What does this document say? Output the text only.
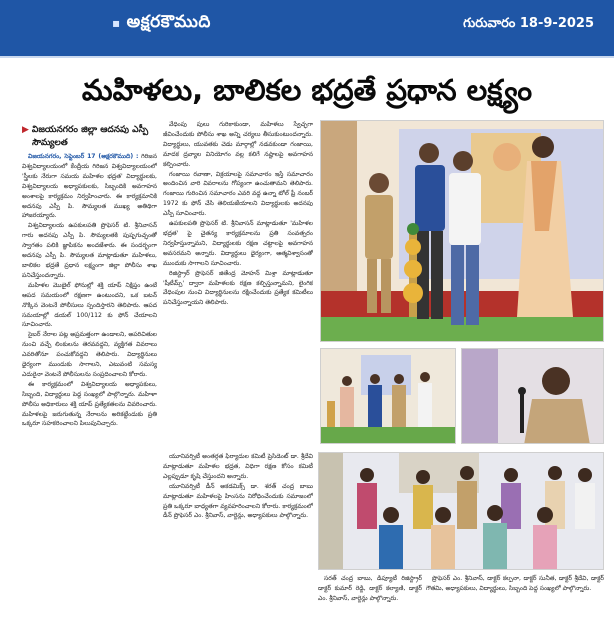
▪ అక్షరకౌముది	గురువారం 18-9-2025
మహిళలు, బాలికల భద్రతే ప్రధాన లక్ష్యం
▶ విజయనగరం జిల్లా ఆదనపు ఎస్పీ
సౌమ్యలత

విజయనగరం, సెప్టెంబర్ 17 (అక్షరకౌముది) : గిరిజన విశ్వవిద్యాలయంలో కేంద్రీయ గిరిజన విశ్వవిద్యాలయంలో 'స్త్రీలకు నేరుగా సమయ మహిళల భద్రత' విద్యార్థులకు, విశ్వవిద్యాలయ అధ్యాపకులకు, సిబ్బందికి అవగాహన అంశాలపై కార్యక్రమం నిర్వహించారు. ఈ కార్యక్రమానికి అదనపు ఎస్పీ పి. సౌమ్యలత ముఖ్య అతిథిగా హాజరయ్యారు.

విశ్వవిద్యాలయ ఉపకులపతి ప్రొఫెసర్ టి. శ్రీనివాసన్ గారు అదనపు ఎస్పీ పి. సౌమ్యలతకి పుష్పగుచ్ఛంతో స్వాగతం పలికి జ్ఞాపికను అందజేశారు. ఈ సందర్భంగా అదనపు ఎస్పీ పి. సౌమ్యలత మాట్లాడుతూ మహిళలు, బాలికల భద్రతే ప్రధాన లక్ష్యంగా జిల్లా పోలీసు శాఖ పనిచేస్తుందన్నారు.

మహిళల మొబైల్ ఫోనుల్లో శక్తి యాప్ నిక్షిప్తం ఉంటే ఆపద సమయంలో రక్షణగా ఉంటుందని, ఒక బటన్ నొక్కిన వెంటనే పోలీసులు స్పందిస్తారని తెలిపారు. ఆపద సమయాల్లో డయల్ 100/112 కు ఫోన్ చేయాలని సూచించారు.

సైబర్ నేరాల పట్ల అప్రమత్తంగా ఉండాలని, అపరిచితుల నుంచి వచ్చే లింకులను తెరవవద్దని, వ్యక్తిగత వివరాలు ఎవరితోనూ పంచుకోవద్దని తెలిపారు. విద్యార్థినులు ధైర్యంగా ముందుకు సాగాలని, ఎటువంటి సమస్య ఎదురైనా వెంటనే పోలీసులను సంప్రదించాలని కోరారు.

ఈ కార్యక్రమంలో విశ్వవిద్యాలయ అధ్యాపకులు, సిబ్బంది, విద్యార్థులు పెద్ద సంఖ్యలో పాల్గొన్నారు. మహిళా పోలీసు అధికారులు శక్తి యాప్ ప్రత్యేకతలను వివరించారు. మహిళలపై జరుగుతున్న నేరాలను అరికట్టేందుకు ప్రతి ఒక్కరూ సహకరించాలని పిలుపునిచ్చారు.

వేధింపు పులు గురికాకుండా, మహిళలు స్వేచ్ఛగా జీవించేందుకు పోలీసు శాఖ అన్ని చర్యలు తీసుకుంటుందన్నారు. విద్యార్థులు, యువతకు చెడు మార్గాల్లో నడవకుండా గంజాయి, మాదక ద్రవ్యాల వినియోగం వల్ల కలిగే నష్టాలపై అవగాహన కల్పించారు.

గంజాయి రవాణా, విక్రయాలపై సమాచారం ఇస్తే సమాచారం అందించిన వారి వివరాలను గోప్యంగా ఉంచుతామని తెలిపారు. గంజాయి గురించిన సమాచారం ఎవరి వద్ద ఉన్నా టోల్ ఫ్రీ నంబర్ 1972 కు ఫోన్ చేసి తెలియజేయాలని విద్యార్థులకు అదనపు ఎస్పీ సూచించారు.

ఉపకులపతి ప్రొఫెసర్ టి. శ్రీనివాసన్ మాట్లాడుతూ 'మహిళల భద్రత' పై చైతన్య కార్యక్రమాలను ప్రతి సంవత్సరం నిర్వహిస్తున్నామని, విద్యార్థులకు రక్షణ చట్టాలపై అవగాహన అవసరమని అన్నారు. విద్యార్థులు ధైర్యంగా, ఆత్మవిశ్వాసంతో ముందుకు సాగాలని సూచించారు.

రిజిస్ట్రార్ ప్రొఫెసర్ జితేంద్ర మోహన్ మిశ్రా మాట్లాడుతూ 'షీటీమ్స్' ద్వారా మహిళలకు రక్షణ కల్పిస్తున్నామని, లైంగిక వేధింపుల నుంచి విద్యార్థినులను రక్షించేందుకు ప్రత్యేక కమిటీలు పనిచేస్తున్నాయని తెలిపారు.

యూనివర్సిటీ అంతర్గత ఫిర్యాదుల కమిటీ ప్రెసిడెంట్ డా. శ్రీదేవి మాట్లాడుతూ మహిళల భద్రత, విధిగా రక్షణ కోసం కమిటీ ఎల్లప్పుడూ కృషి చేస్తుందని అన్నారు.

యూనివర్సిటీ డీన్ అకడమిక్స్ డా. శరత్ చంద్ర బాబు మాట్లాడుతూ మహిళలపై హింసను నిరోధించేందుకు సమాజంలో ప్రతి ఒక్కరూ బాధ్యతగా వ్యవహరించాలని కోరారు. కార్యక్రమంలో డీన్ ప్రొఫెసర్ ఎం. శ్రీనివాస్, వార్డెన్లు, అధ్యాపకులు పాల్గొన్నారు.

సరత్ చంద్ర బాబు, డిప్యూటీ రిజిస్ట్రార్ డాక్టర్ కుమార్ రెడ్డి, డాక్టర్ కల్యాణి, డాక్టర్ ఎం. శ్రీనివాస్, వార్డెన్లు పాల్గొన్నారు.

ప్రొఫెసర్ ఎం. శ్రీనివాస్, డాక్టర్ కల్పనా, డాక్టర్ సునీత, డాక్టర్ శ్రీదేవి, డాక్టర్ గౌతమి, అధ్యాపకులు, విద్యార్థులు, సిబ్బంది పెద్ద సంఖ్యలో పాల్గొన్నారు.
